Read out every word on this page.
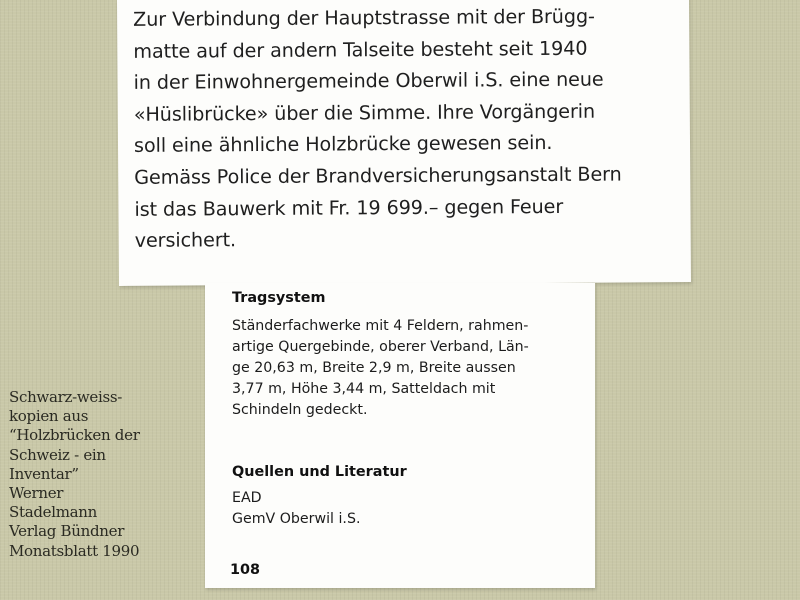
Zur Verbindung der Hauptstrasse mit der Brügg-
matte auf der andern Talseite besteht seit 1940
in der Einwohnergemeinde Oberwil i.S. eine neue
«Hüslibrücke» über die Simme. Ihre Vorgängerin
soll eine ähnliche Holzbrücke gewesen sein.
Gemäss Police der Brandversicherungsanstalt Bern
ist das Bauwerk mit Fr. 19 699.– gegen Feuer
versichert.

Tragsystem
Ständerfachwerke mit 4 Feldern, rahmen-
artige Quergebinde, oberer Verband, Län-
ge 20,63 m, Breite 2,9 m, Breite aussen
3,77 m, Höhe 3,44 m, Satteldach mit
Schindeln gedeckt.
Quellen und Literatur
EAD
GemV Oberwil i.S.
108
Schwarz-weiss-
kopien aus
“Holzbrücken der
Schweiz - ein
Inventar”
Werner
Stadelmann
Verlag Bündner
Monatsblatt 1990
